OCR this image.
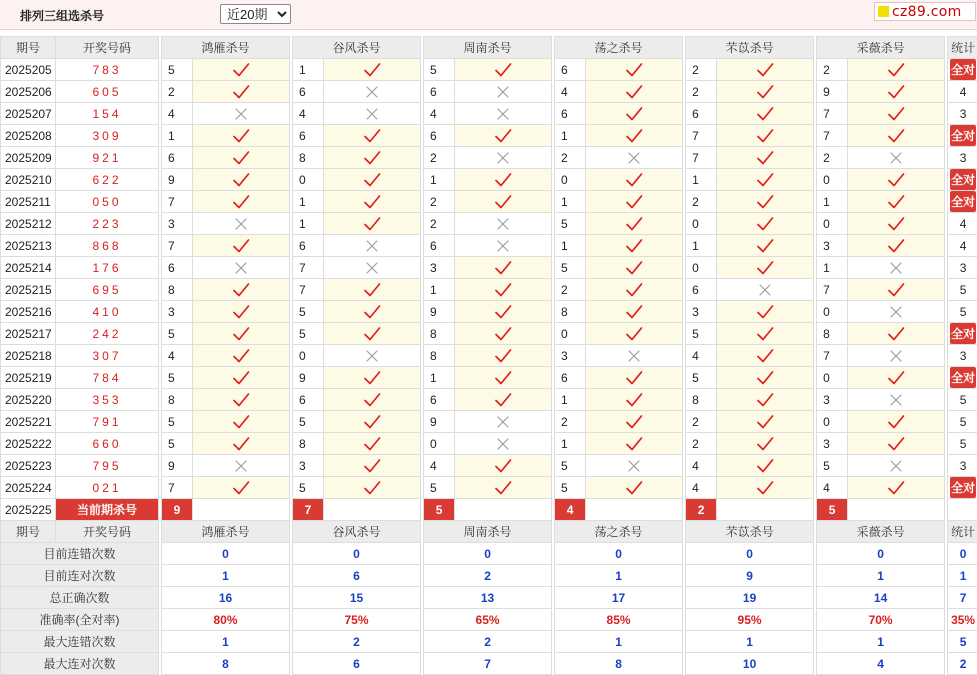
排列三组选杀号
近20期	cz89.com
期号	开奖号码		鸿雁杀号			谷风杀号			周南杀号			荡之杀号			芣苡杀号			采薇杀号			统计
2025205	783		5			1			5			6			2			2			全对
2025206	605		2			6			6			4			2			9			4
2025207	154		4			4			4			6			6			7			3
2025208	309		1			6			6			1			7			7			全对
2025209	921		6			8			2			2			7			2			3
2025210	622		9			0			1			0			1			0			全对
2025211	050		7			1			2			1			2			1			全对
2025212	223		3			1			2			5			0			0			4
2025213	868		7			6			6			1			1			3			4
2025214	176		6			7			3			5			0			1			3
2025215	695		8			7			1			2			6			7			5
2025216	410		3			5			9			8			3			0			5
2025217	242		5			5			8			0			5			8			全对
2025218	307		4			0			8			3			4			7			3
2025219	784		5			9			1			6			5			0			全对
2025220	353		8			6			6			1			8			3			5
2025221	791		5			5			9			2			2			0			5
2025222	660		5			8			0			1			2			3			5
2025223	795		9			3			4			5			4			5			3
2025224	021		7			5			5			5			4			4			全对
2025225	当前期杀号		9			7			5			4			2			5			
期号	开奖号码		鸿雁杀号			谷风杀号			周南杀号			荡之杀号			芣苡杀号			采薇杀号			统计
目前连错次数			0			0			0			0			0			0			0
目前连对次数			1			6			2			1			9			1			1
总正确次数			16			15			13			17			19			14			7
准确率(全对率)			80%			75%			65%			85%			95%			70%			35%
最大连错次数			1			2			2			1			1			1			5
最大连对次数			8			6			7			8			10			4			2
